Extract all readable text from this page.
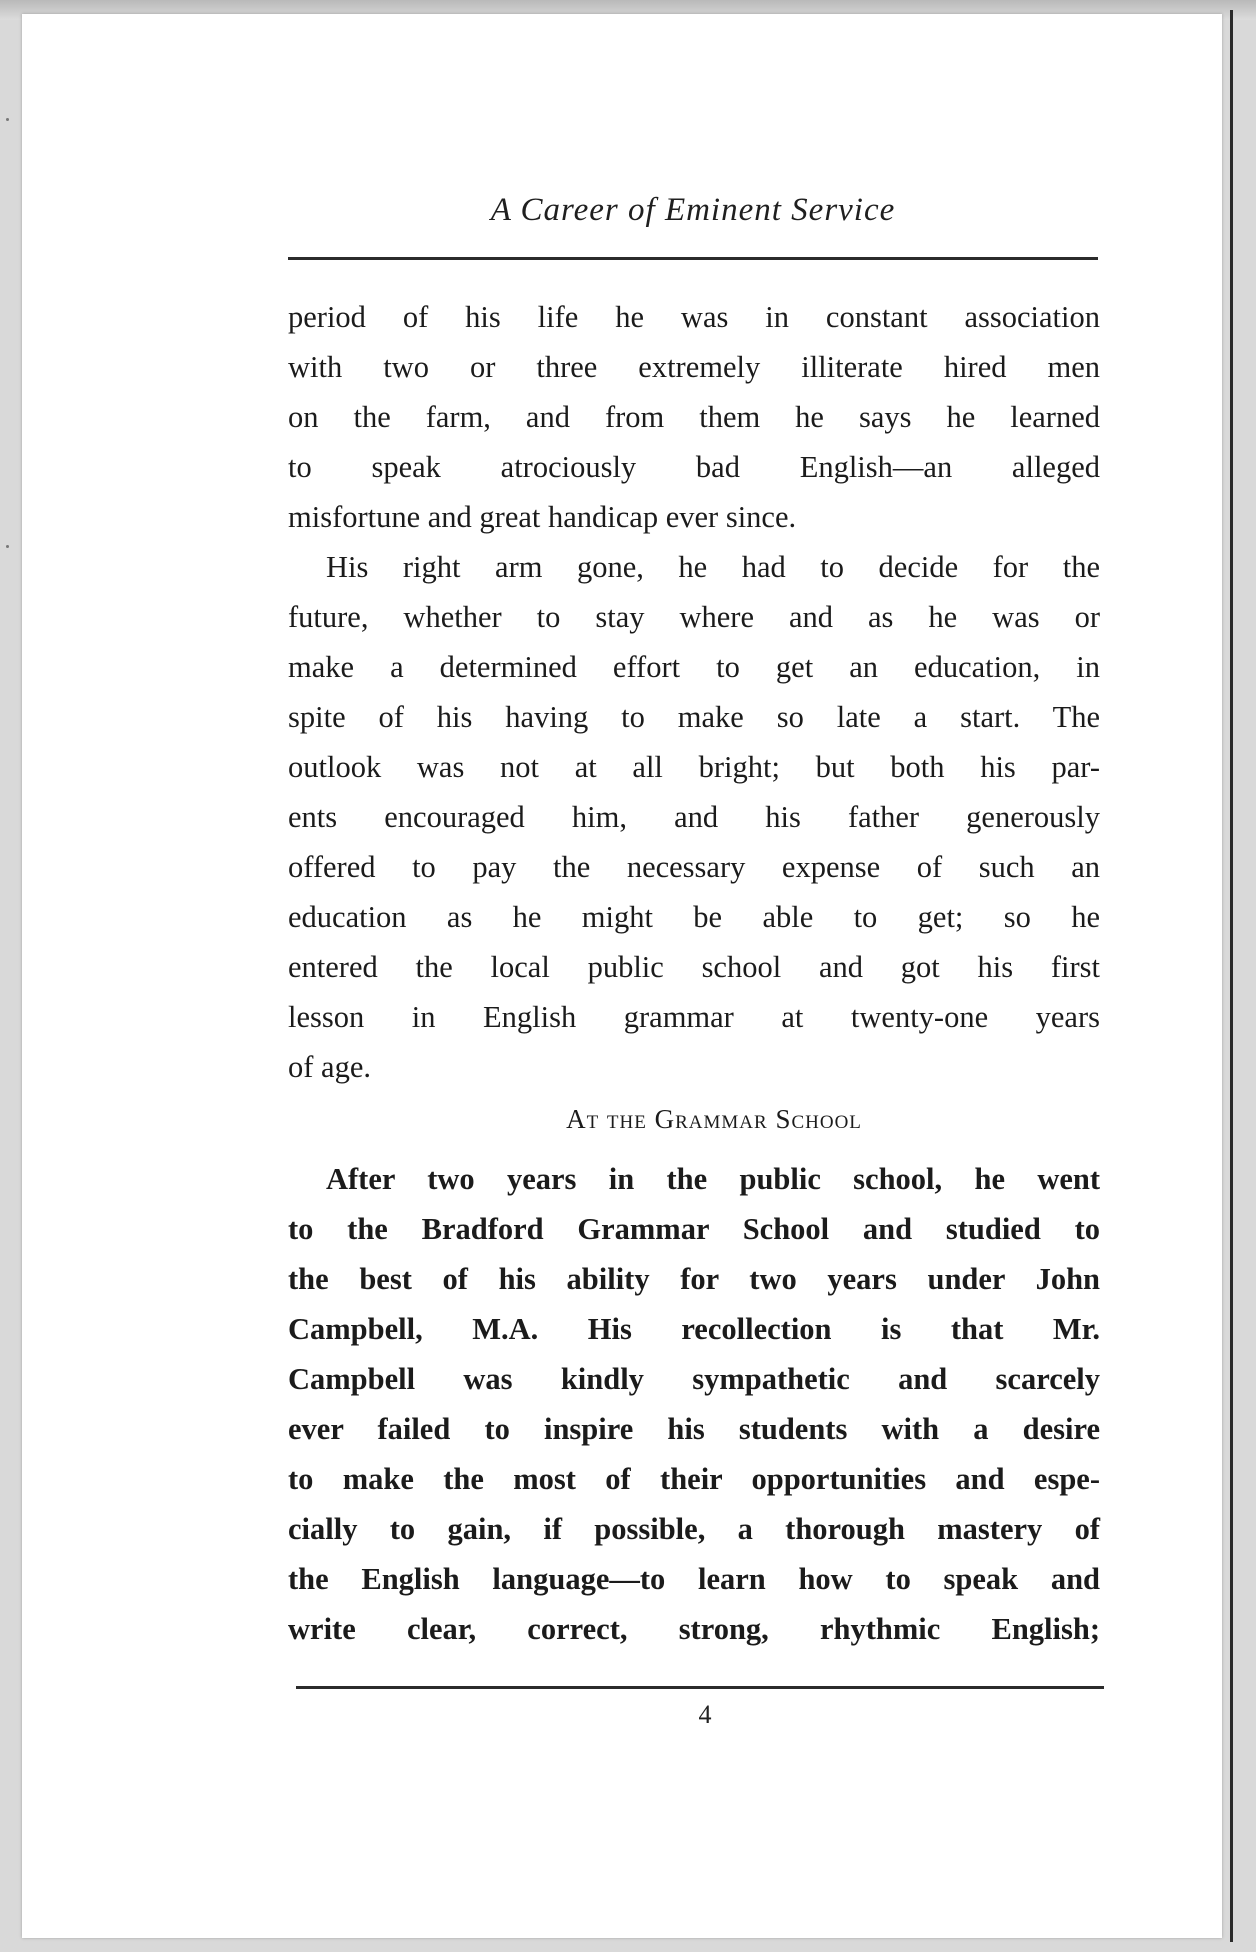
A Career of Eminent Service
period of his life he was in constant association
with two or three extremely illiterate hired men
on the farm, and from them he says he learned
to speak atrociously bad English—an alleged
misfortune and great handicap ever since.
His right arm gone, he had to decide for the
future, whether to stay where and as he was or
make a determined effort to get an education, in
spite of his having to make so late a start. The
outlook was not at all bright; but both his par-
ents encouraged him, and his father generously
offered to pay the necessary expense of such an
education as he might be able to get; so he
entered the local public school and got his first
lesson in English grammar at twenty-one years
of age.
At the Grammar School
After two years in the public school, he went
to the Bradford Grammar School and studied to
the best of his ability for two years under John
Campbell, M.A. His recollection is that Mr.
Campbell was kindly sympathetic and scarcely
ever failed to inspire his students with a desire
to make the most of their opportunities and espe-
cially to gain, if possible, a thorough mastery of
the English language—to learn how to speak and
write clear, correct, strong, rhythmic English;
4
